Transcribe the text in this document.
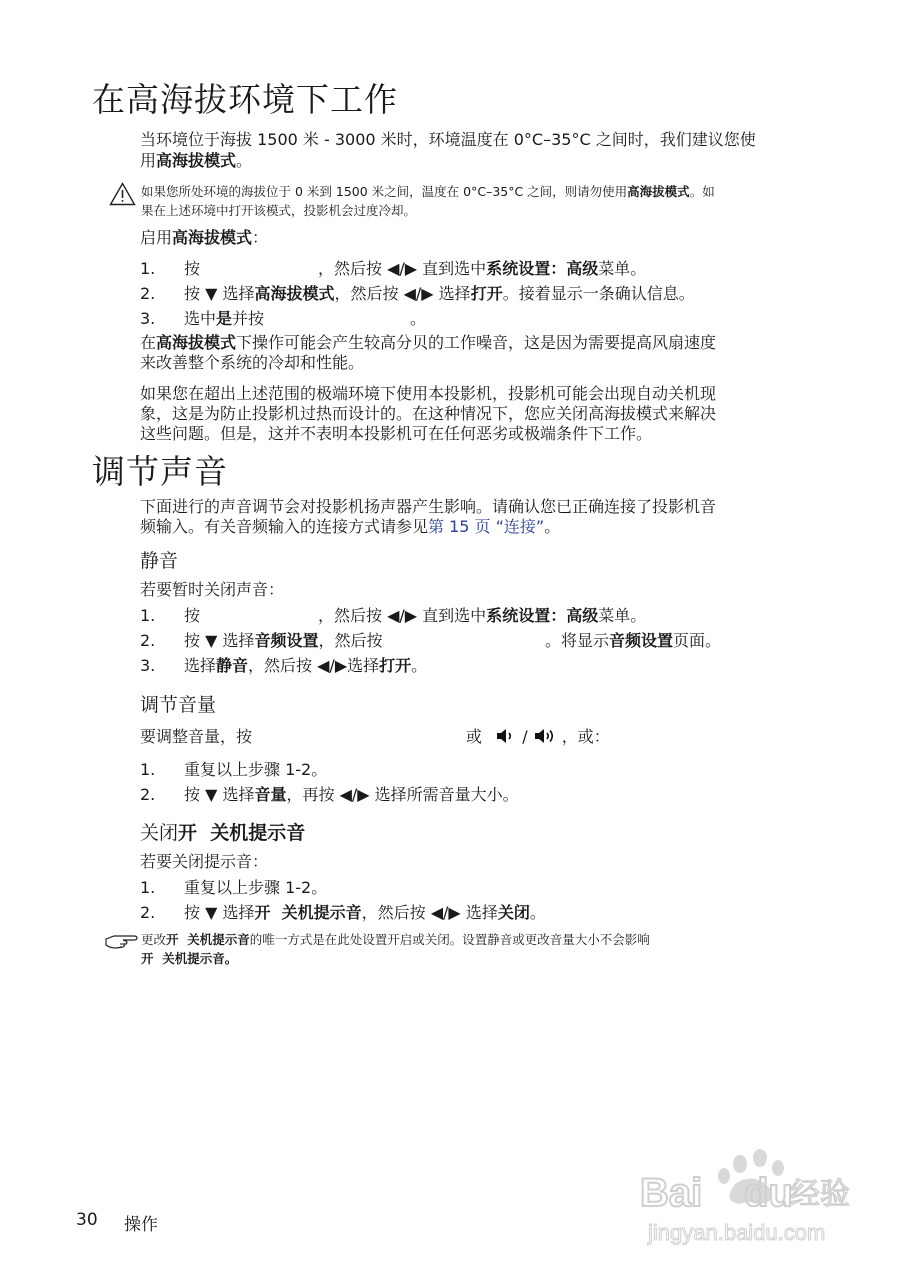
在高海拔环境下工作
当环境位于海拔 1500 米 - 3000 米时，环境温度在 0°C–35°C 之间时，我们建议您使
用高海拔模式。
如果您所处环境的海拔位于 0 米到 1500 米之间，温度在 0°C–35°C 之间，则请勿使用高海拔模式。如
果在上述环境中打开该模式，投影机会过度冷却。
启用高海拔模式：
1. 按	，然后按 ◀/▶ 直到选中系统设置：高级菜单。
2. 按 ▼ 选择高海拔模式，然后按 ◀/▶ 选择打开。接着显示一条确认信息。
3. 选中是并按	。
在高海拔模式下操作可能会产生较高分贝的工作噪音，这是因为需要提高风扇速度
来改善整个系统的冷却和性能。
如果您在超出上述范围的极端环境下使用本投影机，投影机可能会出现自动关机现
象，这是为防止投影机过热而设计的。在这种情况下，您应关闭高海拔模式来解决
这些问题。但是，这并不表明本投影机可在任何恶劣或极端条件下工作。
调节声音
下面进行的声音调节会对投影机扬声器产生影响。请确认您已正确连接了投影机音
频输入。有关音频输入的连接方式请参见第 15 页 “连接”。
静音
若要暂时关闭声音：
1. 按	，然后按 ◀/▶ 直到选中系统设置：高级菜单。
2. 按 ▼ 选择音频设置，然后按	。将显示音频设置页面。
3. 选择静音，然后按 ◀/▶选择打开。
调节音量
要调整音量，按	或	/ ，或：
1. 重复以上步骤 1-2。
2. 按 ▼ 选择音量，再按 ◀/▶ 选择所需音量大小。
关闭开  关机提示音
若要关闭提示音：
1. 重复以上步骤 1-2。
2. 按 ▼ 选择开  关机提示音，然后按 ◀/▶ 选择关闭。
更改开  关机提示音的唯一方式是在此处设置开启或关闭。设置静音或更改音量大小不会影响
开  关机提示音。
30 操作
Bai du
经验
jingyan.baidu.com
